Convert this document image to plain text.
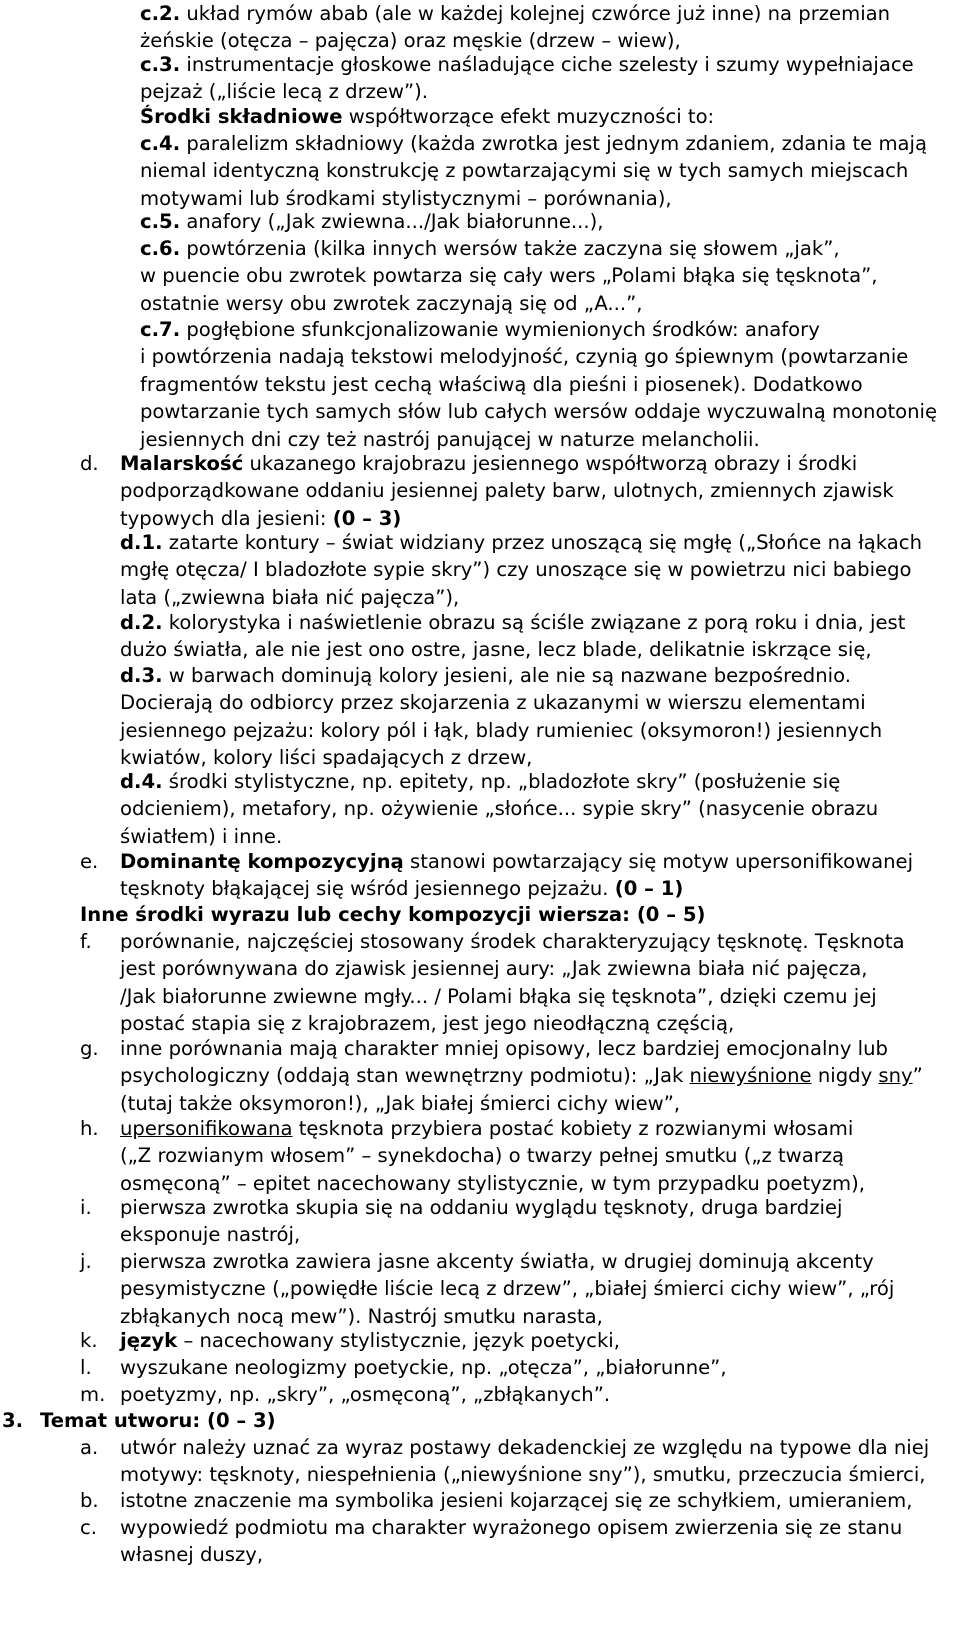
c.2. układ rymów abab (ale w każdej kolejnej czwórce już inne) na przemian
żeńskie (otęcza – pajęcza) oraz męskie (drzew – wiew),
c.3. instrumentacje głoskowe naśladujące ciche szelesty i szumy wypełniajace
pejzaż („liście lecą z drzew”).
Środki składniowe współtworzące efekt muzyczności to:
c.4. paralelizm składniowy (każda zwrotka jest jednym zdaniem, zdania te mają
niemal identyczną konstrukcję z powtarzającymi się w tych samych miejscach
motywami lub środkami stylistycznymi – porównania),
c.5. anafory („Jak zwiewna.../Jak białorunne...),
c.6. powtórzenia (kilka innych wersów także zaczyna się słowem „jak”,
w puencie obu zwrotek powtarza się cały wers „Polami błąka się tęsknota”,
ostatnie wersy obu zwrotek zaczynają się od „A...”,
c.7. pogłębione sfunkcjonalizowanie wymienionych środków: anafory
i powtórzenia nadają tekstowi melodyjność, czynią go śpiewnym (powtarzanie
fragmentów tekstu jest cechą właściwą dla pieśni i piosenek). Dodatkowo
powtarzanie tych samych słów lub całych wersów oddaje wyczuwalną monotonię
jesiennych dni czy też nastrój panującej w naturze melancholii.
d. Malarskość ukazanego krajobrazu jesiennego współtworzą obrazy i środki
podporządkowane oddaniu jesiennej palety barw, ulotnych, zmiennych zjawisk
typowych dla jesieni: (0 – 3)
d.1. zatarte kontury – świat widziany przez unoszącą się mgłę („Słońce na łąkach
mgłę otęcza/ I bladozłote sypie skry”) czy unoszące się w powietrzu nici babiego
lata („zwiewna biała nić pajęcza”),
d.2. kolorystyka i naświetlenie obrazu są ściśle związane z porą roku i dnia, jest
dużo światła, ale nie jest ono ostre, jasne, lecz blade, delikatnie iskrzące się,
d.3. w barwach dominują kolory jesieni, ale nie są nazwane bezpośrednio.
Docierają do odbiorcy przez skojarzenia z ukazanymi w wierszu elementami
jesiennego pejzażu: kolory pól i łąk, blady rumieniec (oksymoron!) jesiennych
kwiatów, kolory liści spadających z drzew,
d.4. środki stylistyczne, np. epitety, np. „bladozłote skry” (posłużenie się
odcieniem), metafory, np. ożywienie „słońce... sypie skry” (nasycenie obrazu
światłem) i inne.
e. Dominantę kompozycyjną stanowi powtarzający się motyw upersonifikowanej
tęsknoty błąkającej się wśród jesiennego pejzażu. (0 – 1)
Inne środki wyrazu lub cechy kompozycji wiersza: (0 – 5)
f. porównanie, najczęściej stosowany środek charakteryzujący tęsknotę. Tęsknota
jest porównywana do zjawisk jesiennej aury: „Jak zwiewna biała nić pajęcza,
/Jak białorunne zwiewne mgły... / Polami błąka się tęsknota”, dzięki czemu jej
postać stapia się z krajobrazem, jest jego nieodłączną częścią,
g. inne porównania mają charakter mniej opisowy, lecz bardziej emocjonalny lub
psychologiczny (oddają stan wewnętrzny podmiotu): „Jak niewyśnione nigdy sny”
(tutaj także oksymoron!), „Jak białej śmierci cichy wiew”,
h. upersonifikowana tęsknota przybiera postać kobiety z rozwianymi włosami
(„Z rozwianym włosem” – synekdocha) o twarzy pełnej smutku („z twarzą
osmęconą” – epitet nacechowany stylistycznie, w tym przypadku poetyzm),
i. pierwsza zwrotka skupia się na oddaniu wyglądu tęsknoty, druga bardziej
eksponuje nastrój,
j. pierwsza zwrotka zawiera jasne akcenty światła, w drugiej dominują akcenty
pesymistyczne („powiędłe liście lecą z drzew”, „białej śmierci cichy wiew”, „rój
zbłąkanych nocą mew”). Nastrój smutku narasta,
k. język – nacechowany stylistycznie, język poetycki,
l. wyszukane neologizmy poetyckie, np. „otęcza”, „białorunne”,
m. poetyzmy, np. „skry”, „osmęconą”, „zbłąkanych”.
3. Temat utworu: (0 – 3)
a. utwór należy uznać za wyraz postawy dekadenckiej ze względu na typowe dla niej
motywy: tęsknoty, niespełnienia („niewyśnione sny”), smutku, przeczucia śmierci,
b. istotne znaczenie ma symbolika jesieni kojarzącej się ze schyłkiem, umieraniem,
c. wypowiedź podmiotu ma charakter wyrażonego opisem zwierzenia się ze stanu
własnej duszy,
